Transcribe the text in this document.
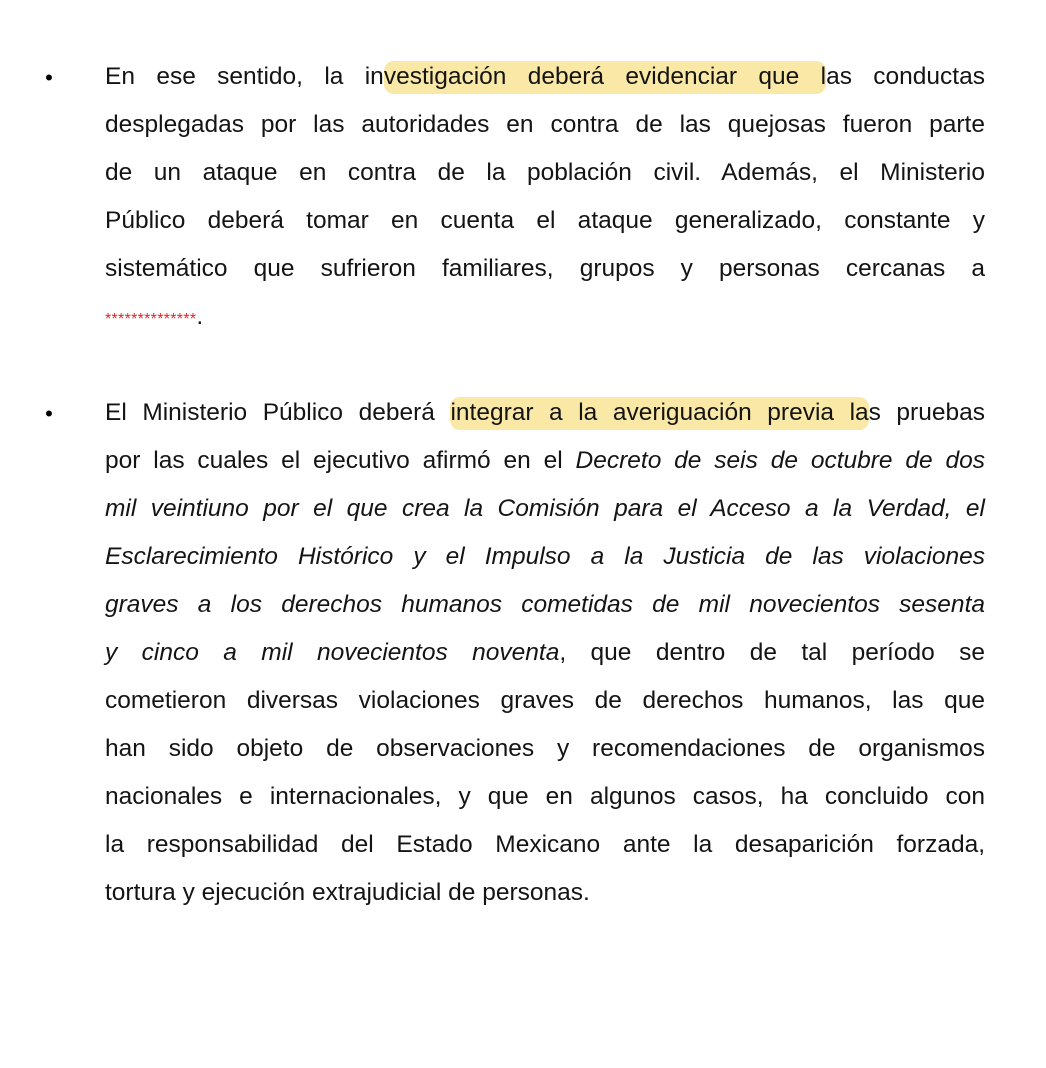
• En ese sentido, la investigación deberá evidenciar que las conductas
desplegadas por las autoridades en contra de las quejosas fueron parte
de un ataque en contra de la población civil. Además, el Ministerio
Público deberá tomar en cuenta el ataque generalizado, constante y
sistemático que sufrieron familiares, grupos y personas cercanas a
**************.
• El Ministerio Público deberá integrar a la averiguación previa las pruebas
por las cuales el ejecutivo afirmó en el Decreto de seis de octubre de dos
mil veintiuno por el que crea la Comisión para el Acceso a la Verdad, el
Esclarecimiento Histórico y el Impulso a la Justicia de las violaciones
graves a los derechos humanos cometidas de mil novecientos sesenta
y cinco a mil novecientos noventa, que dentro de tal período se
cometieron diversas violaciones graves de derechos humanos, las que
han sido objeto de observaciones y recomendaciones de organismos
nacionales e internacionales, y que en algunos casos, ha concluido con
la responsabilidad del Estado Mexicano ante la desaparición forzada,
tortura y ejecución extrajudicial de personas.
